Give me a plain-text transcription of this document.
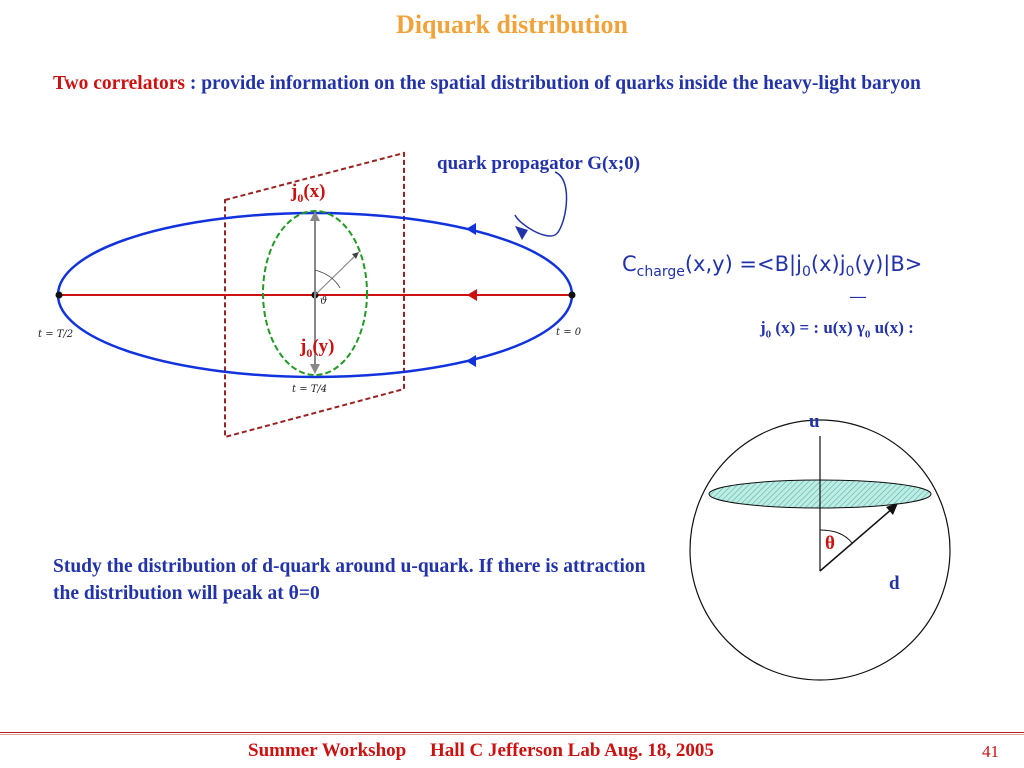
Diquark distribution
Two correlators : provide information on the spatial distribution of quarks inside the heavy-light baryon
quark propagator G(x;0)
$j_0(x)$
$j_0(y)$
t = T/2	t = 0
t = T/4
ϑ
$C_{charge}(x,y) =<B|j_0(x)j_0(y)|B>$
—
$j_0$ (x) = : u(x) $\gamma_0$ u(x) :
u
θ
d
Study the distribution of d-quark around u-quark. If there is attraction the distribution will peak at θ=0
Summer Workshop Hall C Jefferson Lab Aug. 18, 2005	41
